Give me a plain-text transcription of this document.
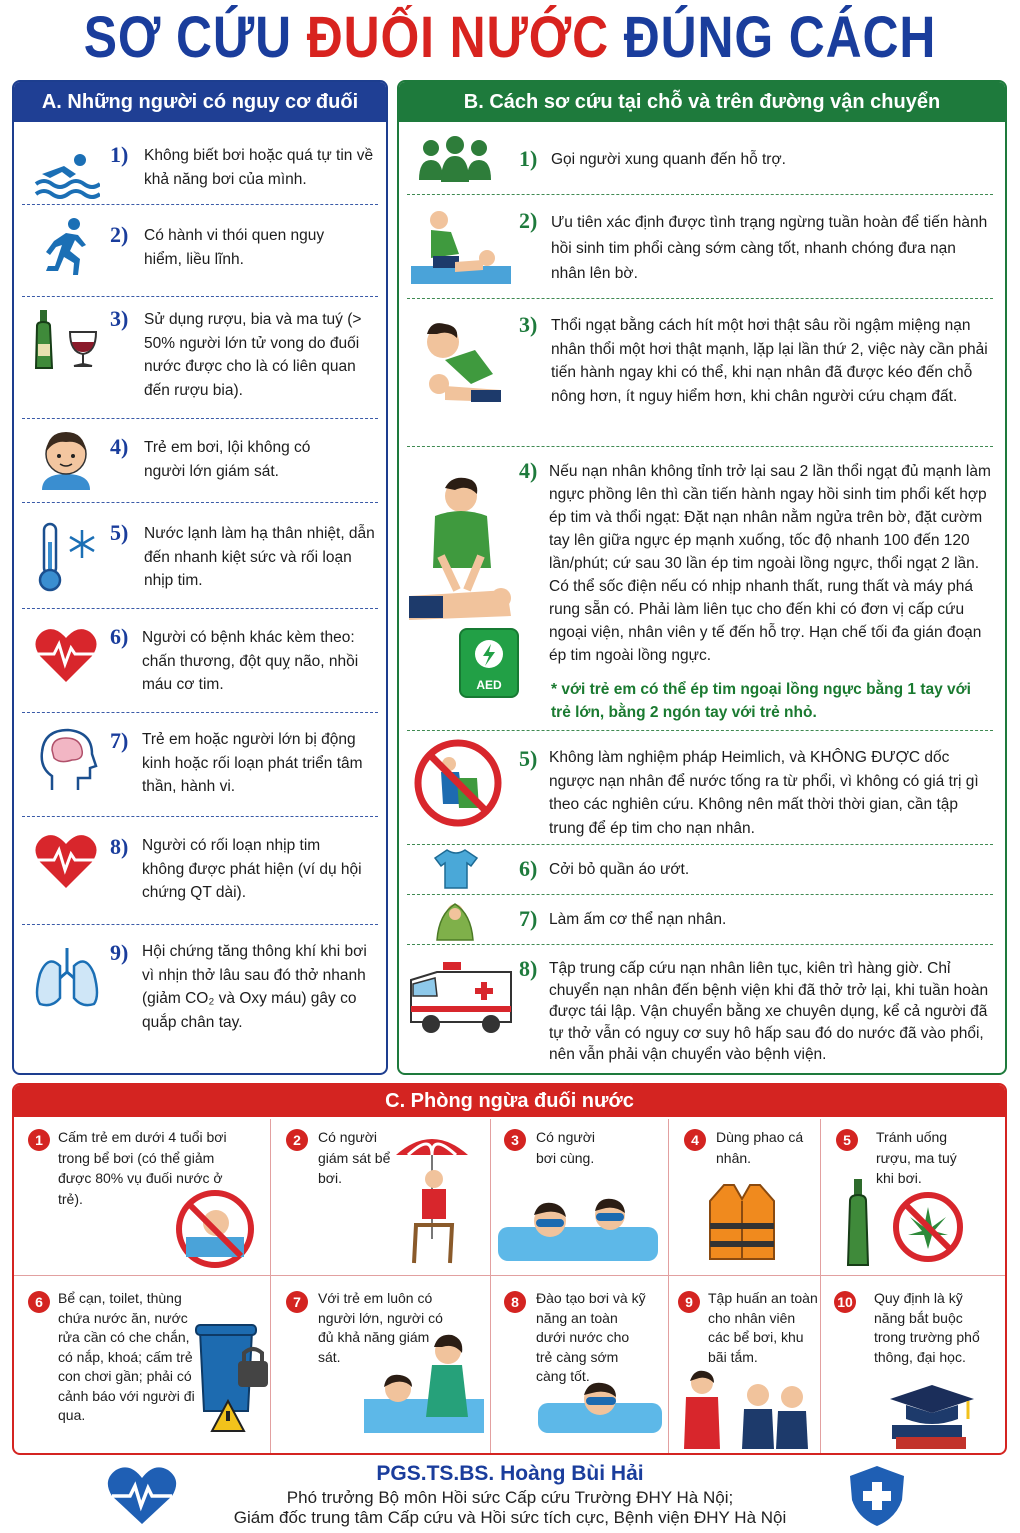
SƠ CỨU ĐUỐI NƯỚC ĐÚNG CÁCH
A. Những người có nguy cơ đuối nước:
1) Không biết bơi hoặc quá tự tin về khả năng bơi của mình.
2) Có hành vi thói quen nguy hiểm, liều lĩnh.
3) Sử dụng rượu, bia và ma tuý (> 50% người lớn tử vong do đuối nước được cho là có liên quan đến rượu bia).
4) Trẻ em bơi, lội không có người lớn giám sát.
5) Nước lạnh làm hạ thân nhiệt, dẫn đến nhanh kiệt sức và rối loạn nhịp tim.
6) Người có bệnh khác kèm theo: chấn thương, đột quỵ não, nhồi máu cơ tim.
7) Trẻ em hoặc người lớn bị động kinh hoặc rối loạn phát triển tâm thần, hành vi.
8) Người có rối loạn nhịp tim không được phát hiện (ví dụ hội chứng QT dài).
9) Hội chứng tăng thông khí khi bơi vì nhịn thở lâu sau đó thở nhanh (giảm CO₂ và Oxy máu) gây co quắp chân tay.
B. Cách sơ cứu tại chỗ và trên đường vận chuyển
1) Gọi người xung quanh đến hỗ trợ.
2) Ưu tiên xác định được tình trạng ngừng tuần hoàn để tiến hành hồi sinh tim phổi càng sớm càng tốt, nhanh chóng đưa nạn nhân lên bờ.
3) Thổi ngạt bằng cách hít một hơi thật sâu rồi ngậm miệng nạn nhân thổi một hơi thật mạnh, lặp lại lần thứ 2, việc này cần phải tiến hành ngay khi có thể, khi nạn nhân đã được kéo đến chỗ nông hơn, ít nguy hiểm hơn, khi chân người cứu chạm đất.
AED
4) Nếu nạn nhân không tỉnh trở lại sau 2 lần thổi ngạt đủ mạnh làm ngực phồng lên thì cần tiến hành ngay hồi sinh tim phổi kết hợp ép tim và thổi ngạt: Đặt nạn nhân nằm ngửa trên bờ, đặt cườm tay lên giữa ngực ép mạnh xuống, tốc độ nhanh 100 đến 120 lần/phút; cứ sau 30 lần ép tim ngoài lồng ngực, thổi ngạt 2 lần. Có thể sốc điện nếu có nhịp nhanh thất, rung thất và máy phá rung sẵn có. Phải làm liên tục cho đến khi có đơn vị cấp cứu ngoại viện, nhân viên y tế đến hỗ trợ. Hạn chế tối đa gián đoạn ép tim ngoài lồng ngực.
* với trẻ em có thể ép tim ngoại lồng ngực bằng 1 tay với trẻ lớn, bằng 2 ngón tay với trẻ nhỏ.
5) Không làm nghiệm pháp Heimlich, và KHÔNG ĐƯỢC dốc ngược nạn nhân để nước tống ra từ phổi, vì không có giá trị gì theo các nghiên cứu. Không nên mất thời thời gian, cần tập trung để ép tim cho nạn nhân.
6) Cởi bỏ quần áo ướt.
7) Làm ấm cơ thể nạn nhân.
8) Tập trung cấp cứu nạn nhân liên tục, kiên trì hàng giờ. Chỉ chuyển nạn nhân đến bệnh viện khi đã thở trở lại, khi tuần hoàn được tái lập. Vận chuyển bằng xe chuyên dụng, kể cả người đã tự thở vẫn có nguy cơ suy hô hấp sau đó do nước đã vào phổi, nên vẫn phải vận chuyển vào bệnh viện.
C. Phòng ngừa đuối nước
1	Cấm trẻ em dưới 4 tuổi bơi trong bể bơi (có thể giảm được 80% vụ đuối nước ở trẻ).
2	Có người giám sát bể bơi.
3	Có người bơi cùng.
4	Dùng phao cá nhân.
5	Tránh uống rượu, ma tuý khi bơi.
6	Bể cạn, toilet, thùng chứa nước ăn, nước rửa cần có che chắn, có nắp, khoá; cấm trẻ con chơi gần; phải có cảnh báo với người đi qua.
7	Với trẻ em luôn có người lớn, người có đủ khả năng giám sát.
8	Đào tạo bơi và kỹ năng an toàn dưới nước cho trẻ càng sớm càng tốt.
9	Tập huấn an toàn cho nhân viên các bể bơi, khu bãi tắm.
10 Quy định là kỹ năng bắt buộc trong trường phổ thông, đại học.
PGS.TS.BS. Hoàng Bùi Hải
Phó trưởng Bộ môn Hồi sức Cấp cứu Trường ĐHY Hà Nội;
Giám đốc trung tâm Cấp cứu và Hồi sức tích cực, Bệnh viện ĐHY Hà Nội
